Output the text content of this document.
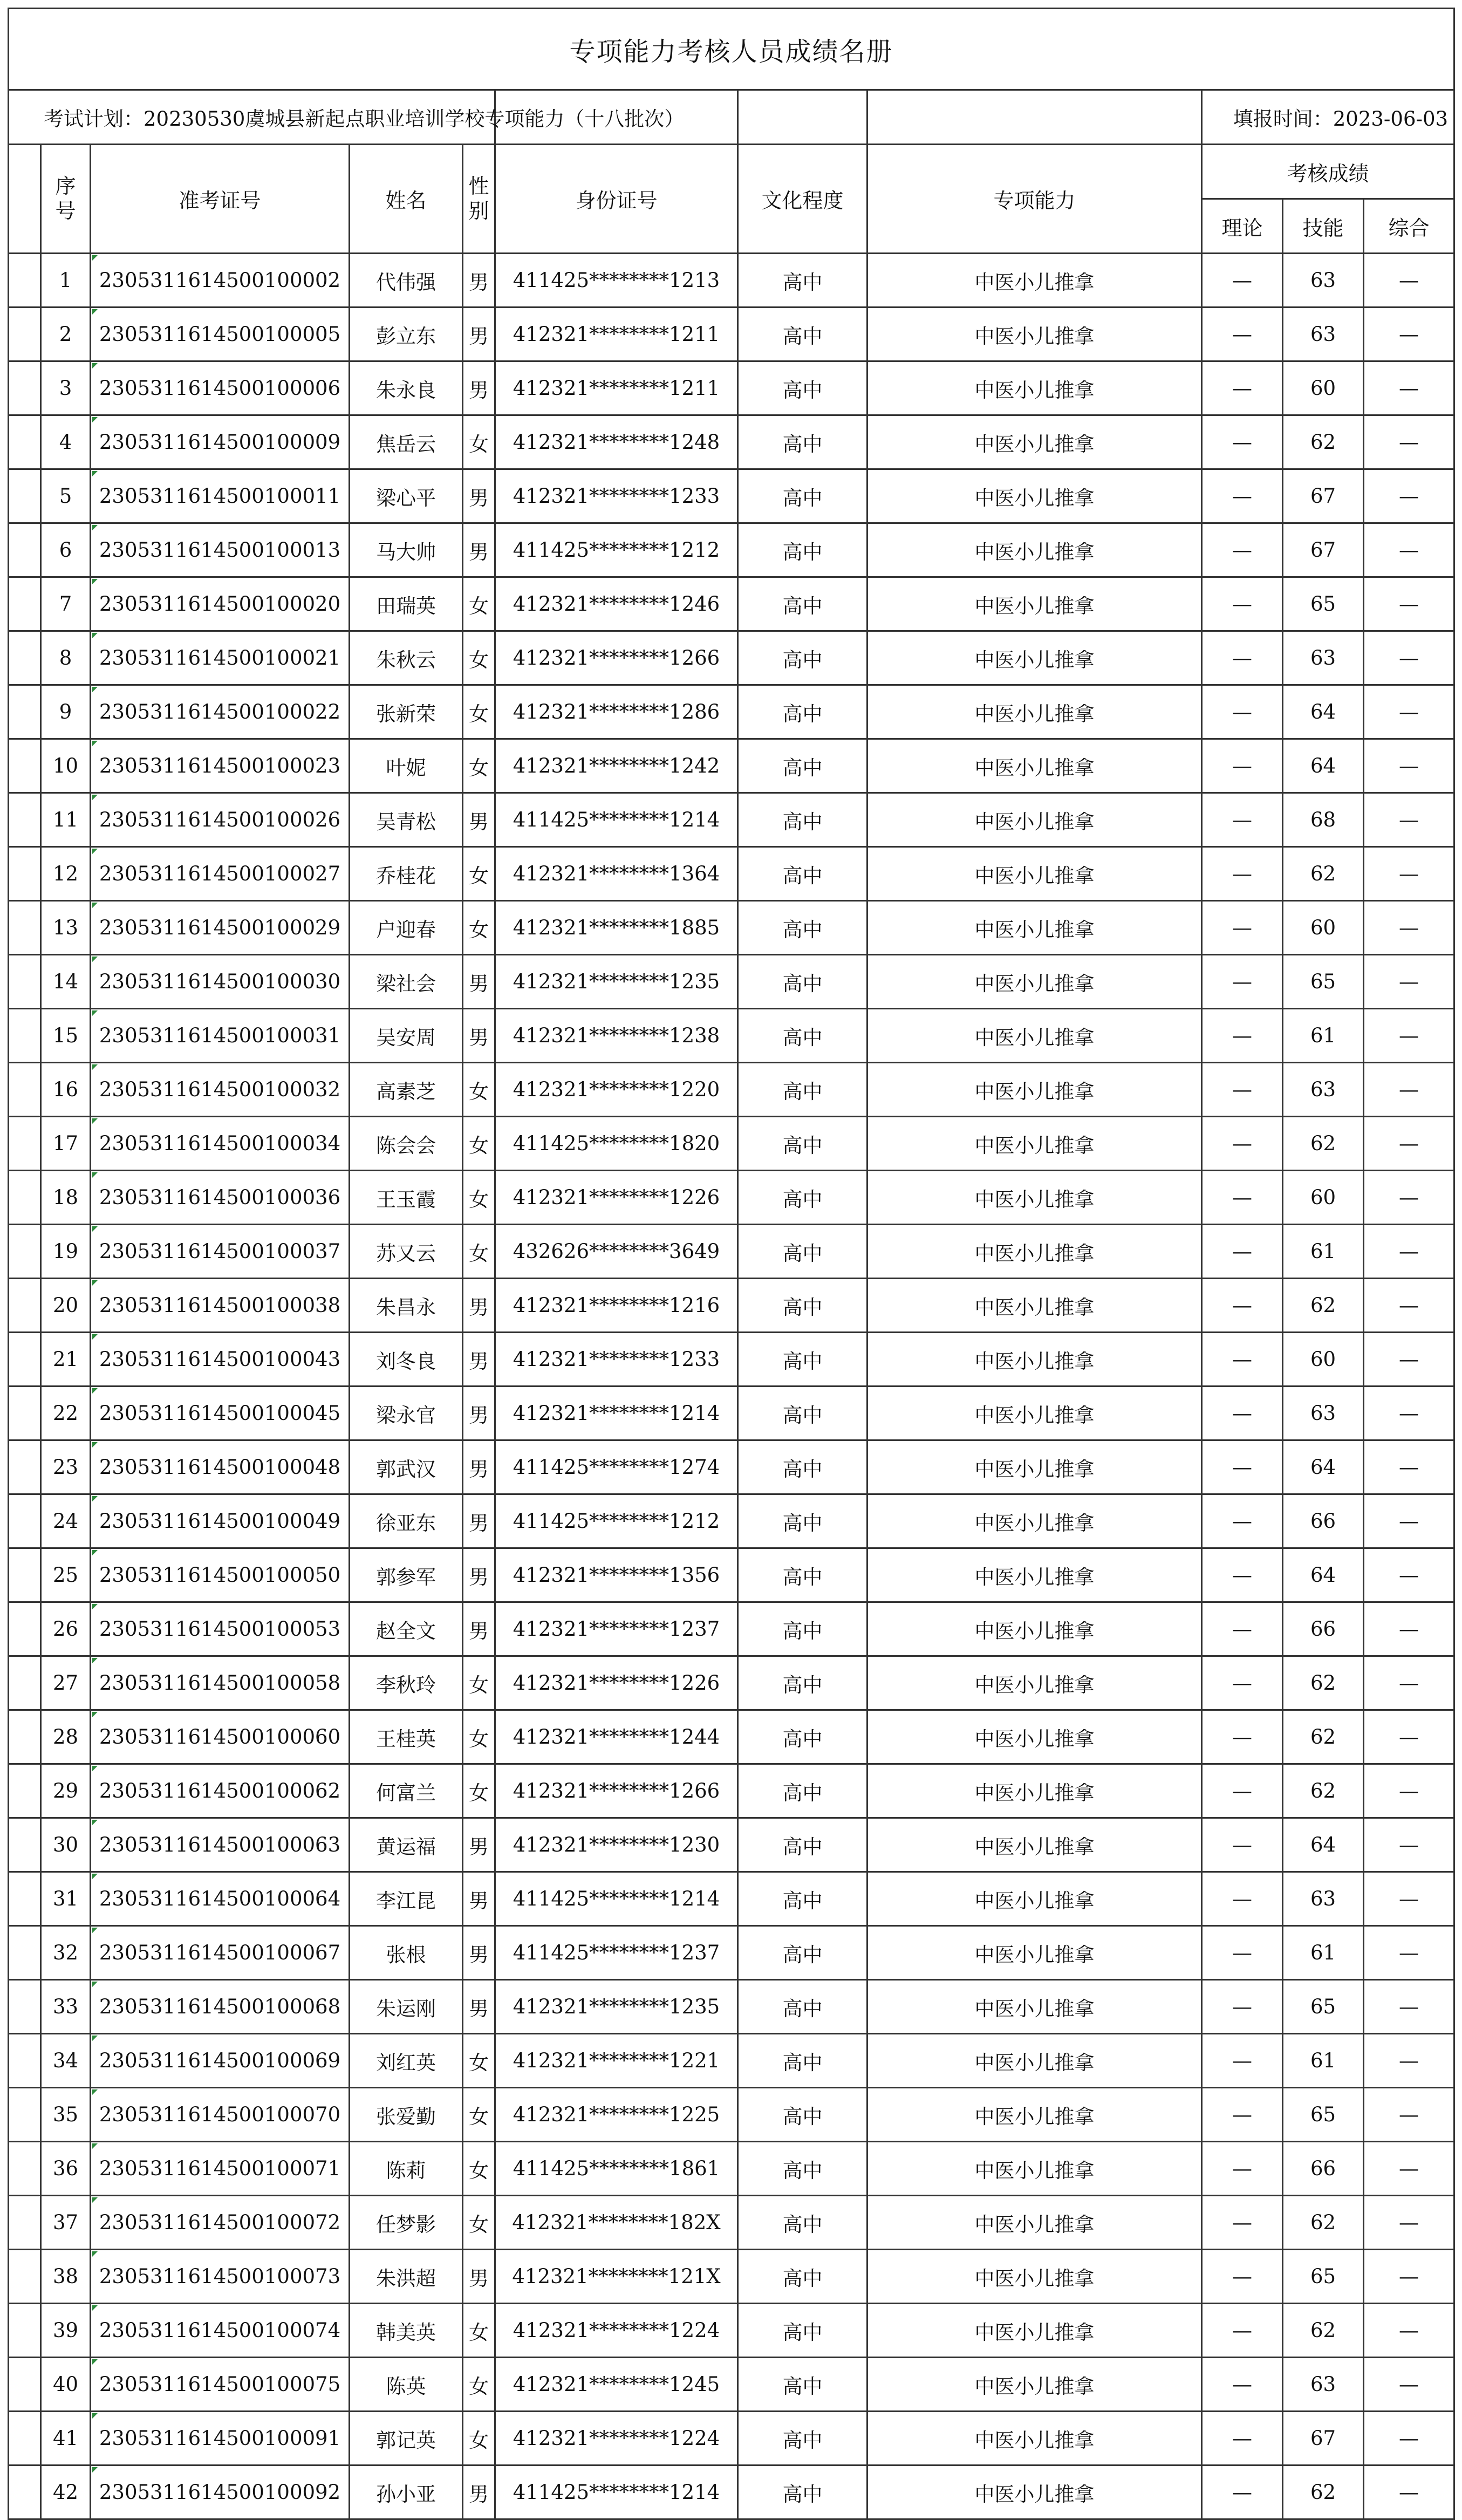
专项能力考核人员成绩名册										
考试计划：20230530虞城县新起点职业培训学校专项能力（十八批次）								填报时间：2023-06-03		
	序号	准考证号	姓名	性别	身份证号	文化程度	专项能力	考核成绩		
								理论	技能	综合
	1	2305311614500100002	代伟强	男	411425********1213	高中	中医小儿推拿	—	63	—
	2	2305311614500100005	彭立东	男	412321********1211	高中	中医小儿推拿	—	63	—
	3	2305311614500100006	朱永良	男	412321********1211	高中	中医小儿推拿	—	60	—
	4	2305311614500100009	焦岳云	女	412321********1248	高中	中医小儿推拿	—	62	—
	5	2305311614500100011	梁心平	男	412321********1233	高中	中医小儿推拿	—	67	—
	6	2305311614500100013	马大帅	男	411425********1212	高中	中医小儿推拿	—	67	—
	7	2305311614500100020	田瑞英	女	412321********1246	高中	中医小儿推拿	—	65	—
	8	2305311614500100021	朱秋云	女	412321********1266	高中	中医小儿推拿	—	63	—
	9	2305311614500100022	张新荣	女	412321********1286	高中	中医小儿推拿	—	64	—
	10	2305311614500100023	叶妮	女	412321********1242	高中	中医小儿推拿	—	64	—
	11	2305311614500100026	吴青松	男	411425********1214	高中	中医小儿推拿	—	68	—
	12	2305311614500100027	乔桂花	女	412321********1364	高中	中医小儿推拿	—	62	—
	13	2305311614500100029	户迎春	女	412321********1885	高中	中医小儿推拿	—	60	—
	14	2305311614500100030	梁社会	男	412321********1235	高中	中医小儿推拿	—	65	—
	15	2305311614500100031	吴安周	男	412321********1238	高中	中医小儿推拿	—	61	—
	16	2305311614500100032	高素芝	女	412321********1220	高中	中医小儿推拿	—	63	—
	17	2305311614500100034	陈会会	女	411425********1820	高中	中医小儿推拿	—	62	—
	18	2305311614500100036	王玉霞	女	412321********1226	高中	中医小儿推拿	—	60	—
	19	2305311614500100037	苏又云	女	432626********3649	高中	中医小儿推拿	—	61	—
	20	2305311614500100038	朱昌永	男	412321********1216	高中	中医小儿推拿	—	62	—
	21	2305311614500100043	刘冬良	男	412321********1233	高中	中医小儿推拿	—	60	—
	22	2305311614500100045	梁永官	男	412321********1214	高中	中医小儿推拿	—	63	—
	23	2305311614500100048	郭武汉	男	411425********1274	高中	中医小儿推拿	—	64	—
	24	2305311614500100049	徐亚东	男	411425********1212	高中	中医小儿推拿	—	66	—
	25	2305311614500100050	郭参军	男	412321********1356	高中	中医小儿推拿	—	64	—
	26	2305311614500100053	赵全文	男	412321********1237	高中	中医小儿推拿	—	66	—
	27	2305311614500100058	李秋玲	女	412321********1226	高中	中医小儿推拿	—	62	—
	28	2305311614500100060	王桂英	女	412321********1244	高中	中医小儿推拿	—	62	—
	29	2305311614500100062	何富兰	女	412321********1266	高中	中医小儿推拿	—	62	—
	30	2305311614500100063	黄运福	男	412321********1230	高中	中医小儿推拿	—	64	—
	31	2305311614500100064	李江昆	男	411425********1214	高中	中医小儿推拿	—	63	—
	32	2305311614500100067	张根	男	411425********1237	高中	中医小儿推拿	—	61	—
	33	2305311614500100068	朱运刚	男	412321********1235	高中	中医小儿推拿	—	65	—
	34	2305311614500100069	刘红英	女	412321********1221	高中	中医小儿推拿	—	61	—
	35	2305311614500100070	张爱勤	女	412321********1225	高中	中医小儿推拿	—	65	—
	36	2305311614500100071	陈莉	女	411425********1861	高中	中医小儿推拿	—	66	—
	37	2305311614500100072	任梦影	女	412321********182X	高中	中医小儿推拿	—	62	—
	38	2305311614500100073	朱洪超	男	412321********121X	高中	中医小儿推拿	—	65	—
	39	2305311614500100074	韩美英	女	412321********1224	高中	中医小儿推拿	—	62	—
	40	2305311614500100075	陈英	女	412321********1245	高中	中医小儿推拿	—	63	—
	41	2305311614500100091	郭记英	女	412321********1224	高中	中医小儿推拿	—	67	—
	42	2305311614500100092	孙小亚	男	411425********1214	高中	中医小儿推拿	—	62	—
